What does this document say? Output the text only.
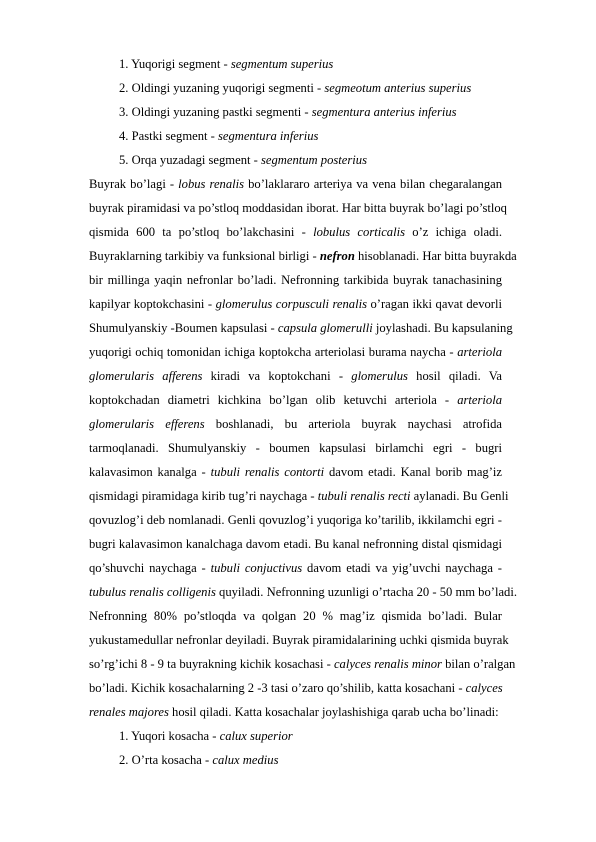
1. Yuqorigi segment - segmentum superius
2. Oldingi yuzaning yuqorigi segmenti - segmeotum anterius superius
3. Oldingi yuzaning pastki segmenti - segmentura anterius inferius
4. Pastki segment - segmentura inferius
5. Orqa yuzadagi segment - segmentum posterius
Buyrak bo’lagi - lobus renalis bo’laklararo arteriya va vena bilan chegaralangan
buyrak piramidasi va po’stloq moddasidan iborat. Har bitta buyrak bo’lagi po’stloq
qismida 600 ta po’stloq bo’lakchasini - lobulus corticalis o’z ichiga oladi.
Buyraklarning tarkibiy va funksional birligi - nefron hisoblanadi. Har bitta buyrakda
bir millinga yaqin nefronlar bo’ladi. Nefronning tarkibida buyrak tanachasining
kapilyar koptokchasini - glomerulus corpusculi renalis o’ragan ikki qavat devorli
Shumulyanskiy -Boumen kapsulasi - capsula glomerulli joylashadi. Bu kapsulaning
yuqorigi ochiq tomonidan ichiga koptokcha arteriolasi burama naycha - arteriola
glomerularis afferens kiradi va koptokchani - glomerulus hosil qiladi. Va
koptokchadan diametri kichkina bo’lgan olib ketuvchi arteriola - arteriola
glomerularis efferens boshlanadi, bu arteriola buyrak naychasi atrofida
tarmoqlanadi. Shumulyanskiy - boumen kapsulasi birlamchi egri - bugri
kalavasimon kanalga - tubuli renalis contorti davom etadi. Kanal borib mag’iz
qismidagi piramidaga kirib tug’ri naychaga - tubuli renalis recti aylanadi. Bu Genli
qovuzlog’i deb nomlanadi. Genli qovuzlog’i yuqoriga ko’tarilib, ikkilamchi egri -
bugri kalavasimon kanalchaga davom etadi. Bu kanal nefronning distal qismidagi
qo’shuvchi naychaga - tubuli conjuctivus davom etadi va yig’uvchi naychaga -
tubulus renalis colligenis quyiladi. Nefronning uzunligi o’rtacha 20 - 50 mm bo’ladi.
Nefronning 80% po’stloqda va qolgan 20 % mag’iz qismida bo’ladi. Bular
yukustamedullar nefronlar deyiladi. Buyrak piramidalarining uchki qismida buyrak
so’rg’ichi 8 - 9 ta buyrakning kichik kosachasi - calyces renalis minor bilan o’ralgan
bo’ladi. Kichik kosachalarning 2 -3 tasi o’zaro qo’shilib, katta kosachani - calyces
renales majores hosil qiladi. Katta kosachalar joylashishiga qarab ucha bo’linadi:
1. Yuqori kosacha - calux superior
2. O’rta kosacha - calux medius
